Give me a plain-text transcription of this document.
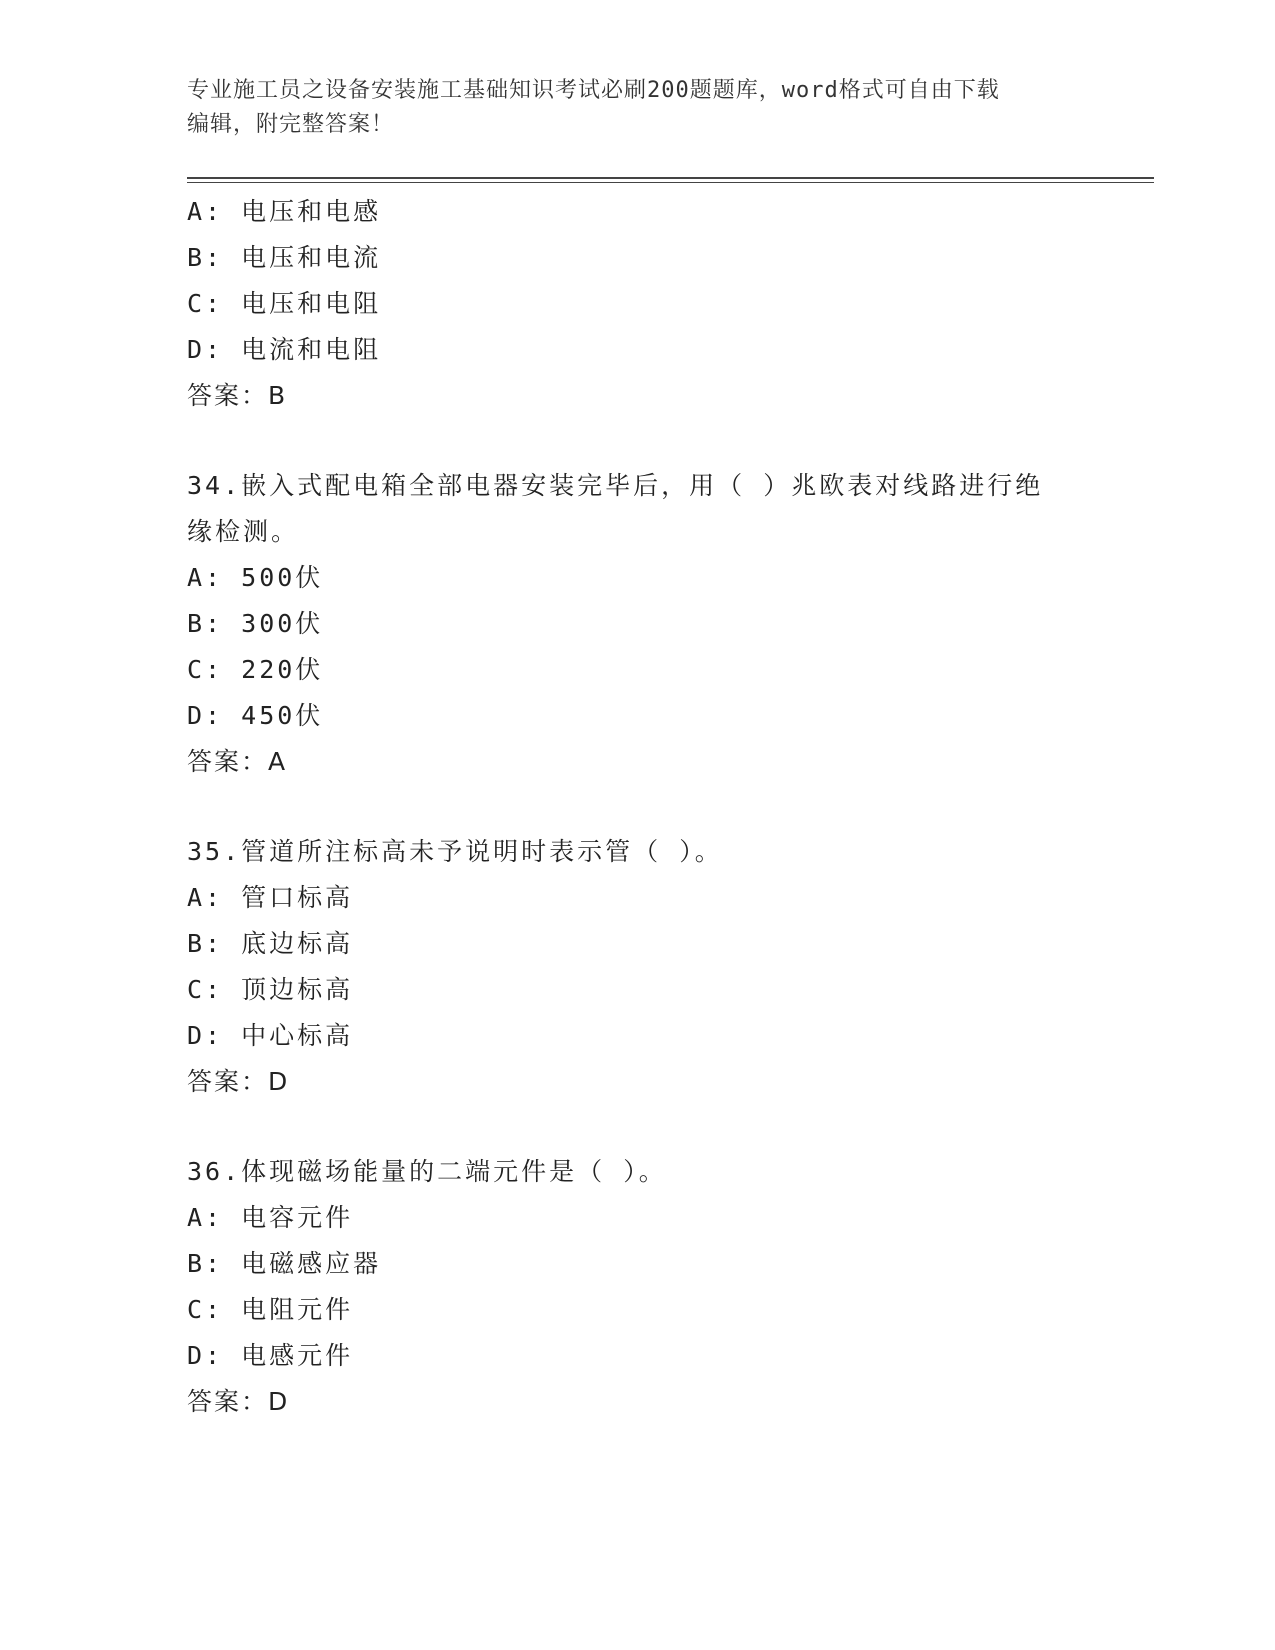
专业施工员之设备安装施工基础知识考试必刷200题题库，word格式可自由下载
编辑，附完整答案！
A: 电压和电感
B: 电压和电流
C: 电压和电阻
D: 电流和电阻
答案：B
34.嵌入式配电箱全部电器安装完毕后，用（ ）兆欧表对线路进行绝
缘检测。
A: 500伏
B: 300伏
C: 220伏
D: 450伏
答案：A
35.管道所注标高未予说明时表示管（ ）。
A: 管口标高
B: 底边标高
C: 顶边标高
D: 中心标高
答案：D
36.体现磁场能量的二端元件是（ ）。
A: 电容元件
B: 电磁感应器
C: 电阻元件
D: 电感元件
答案：D
